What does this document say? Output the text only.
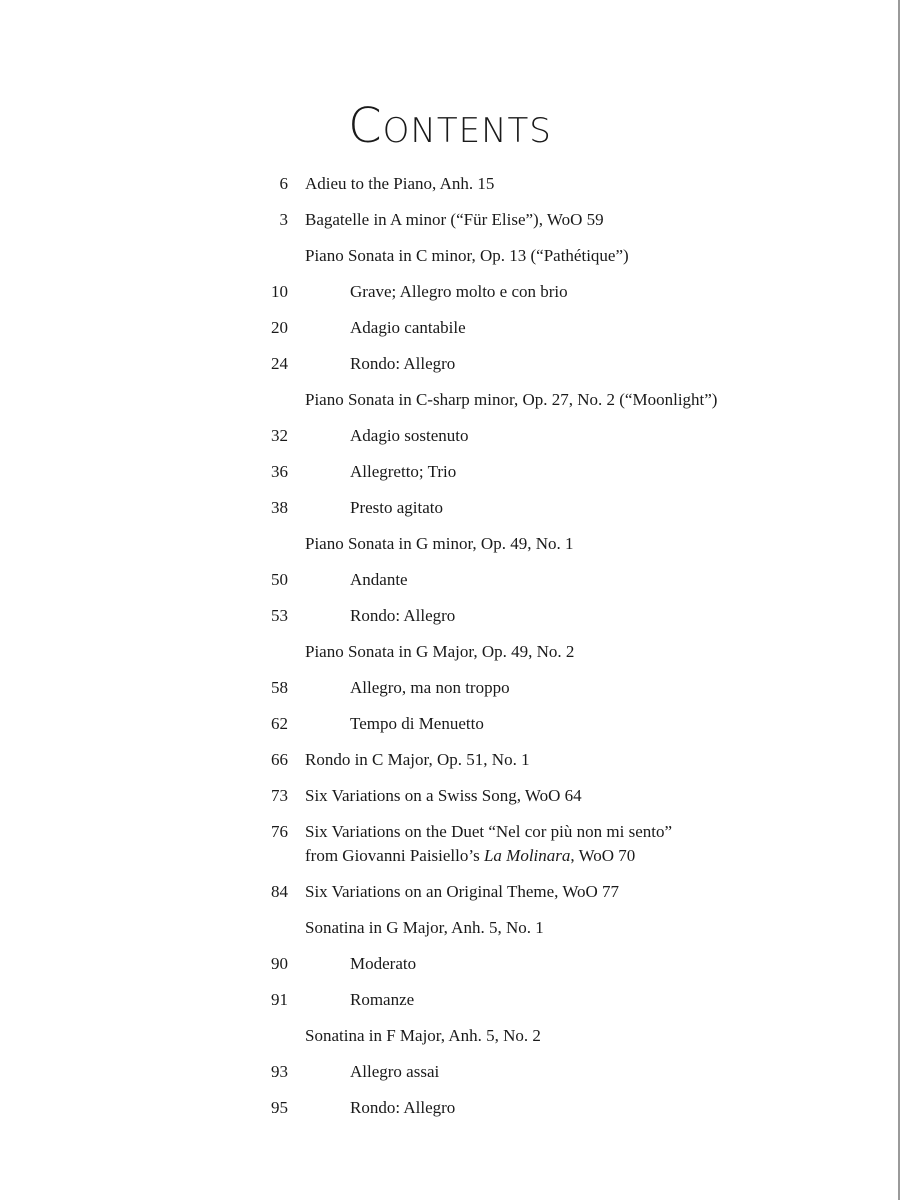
Contents
6 Adieu to the Piano, Anh. 15
3 Bagatelle in A minor (“Für Elise”), WoO 59
Piano Sonata in C minor, Op. 13 (“Pathétique”)
10	Grave; Allegro molto e con brio
20	Adagio cantabile
24	Rondo: Allegro
Piano Sonata in C-sharp minor, Op. 27, No. 2 (“Moonlight”)
32	Adagio sostenuto
36	Allegretto; Trio
38	Presto agitato
Piano Sonata in G minor, Op. 49, No. 1
50	Andante
53	Rondo: Allegro
Piano Sonata in G Major, Op. 49, No. 2
58	Allegro, ma non troppo
62	Tempo di Menuetto
66 Rondo in C Major, Op. 51, No. 1
73 Six Variations on a Swiss Song, WoO 64
76 Six Variations on the Duet “Nel cor più non mi sento”
from Giovanni Paisiello’s La Molinara, WoO 70
84 Six Variations on an Original Theme, WoO 77
Sonatina in G Major, Anh. 5, No. 1
90	Moderato
91	Romanze
Sonatina in F Major, Anh. 5, No. 2
93	Allegro assai
95	Rondo: Allegro
